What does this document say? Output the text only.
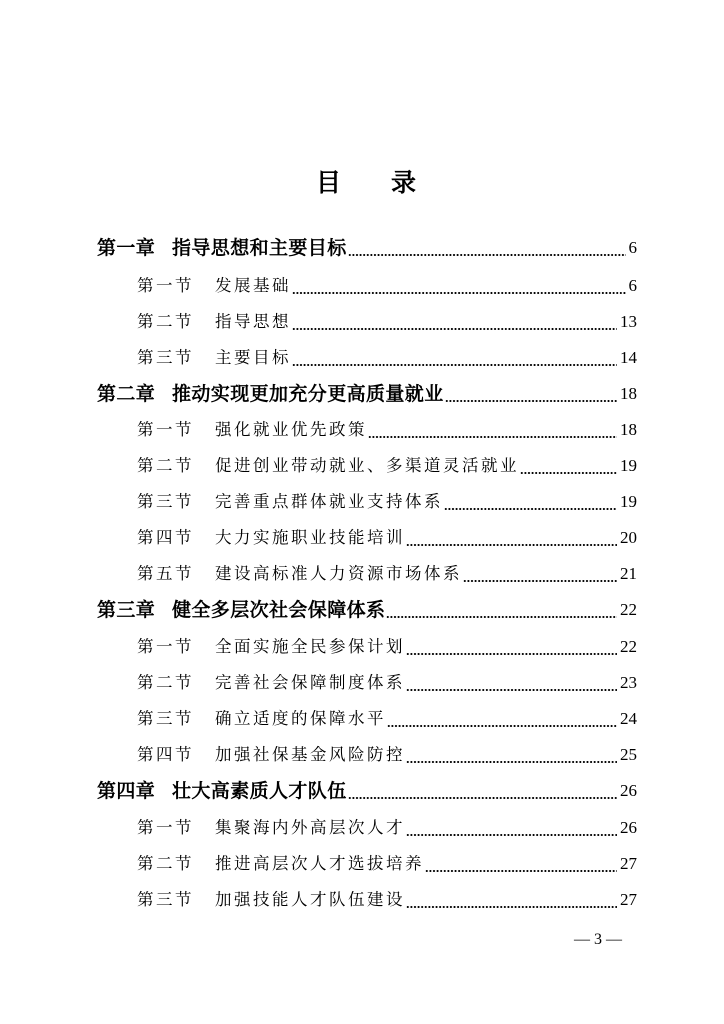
目　　录
第一章 指导思想和主要目标	6
第一节	发展基础	6
第二节	指导思想	13
第三节	主要目标	14
第二章 推动实现更加充分更高质量就业	18
第一节	强化就业优先政策	18
第二节	促进创业带动就业、多渠道灵活就业	19
第三节	完善重点群体就业支持体系	19
第四节	大力实施职业技能培训	20
第五节	建设高标准人力资源市场体系	21
第三章 健全多层次社会保障体系	22
第一节	全面实施全民参保计划	22
第二节	完善社会保障制度体系	23
第三节	确立适度的保障水平	24
第四节	加强社保基金风险防控	25
第四章 壮大高素质人才队伍	26
第一节	集聚海内外高层次人才	26
第二节	推进高层次人才选拔培养	27
第三节	加强技能人才队伍建设	27
— 3 —
